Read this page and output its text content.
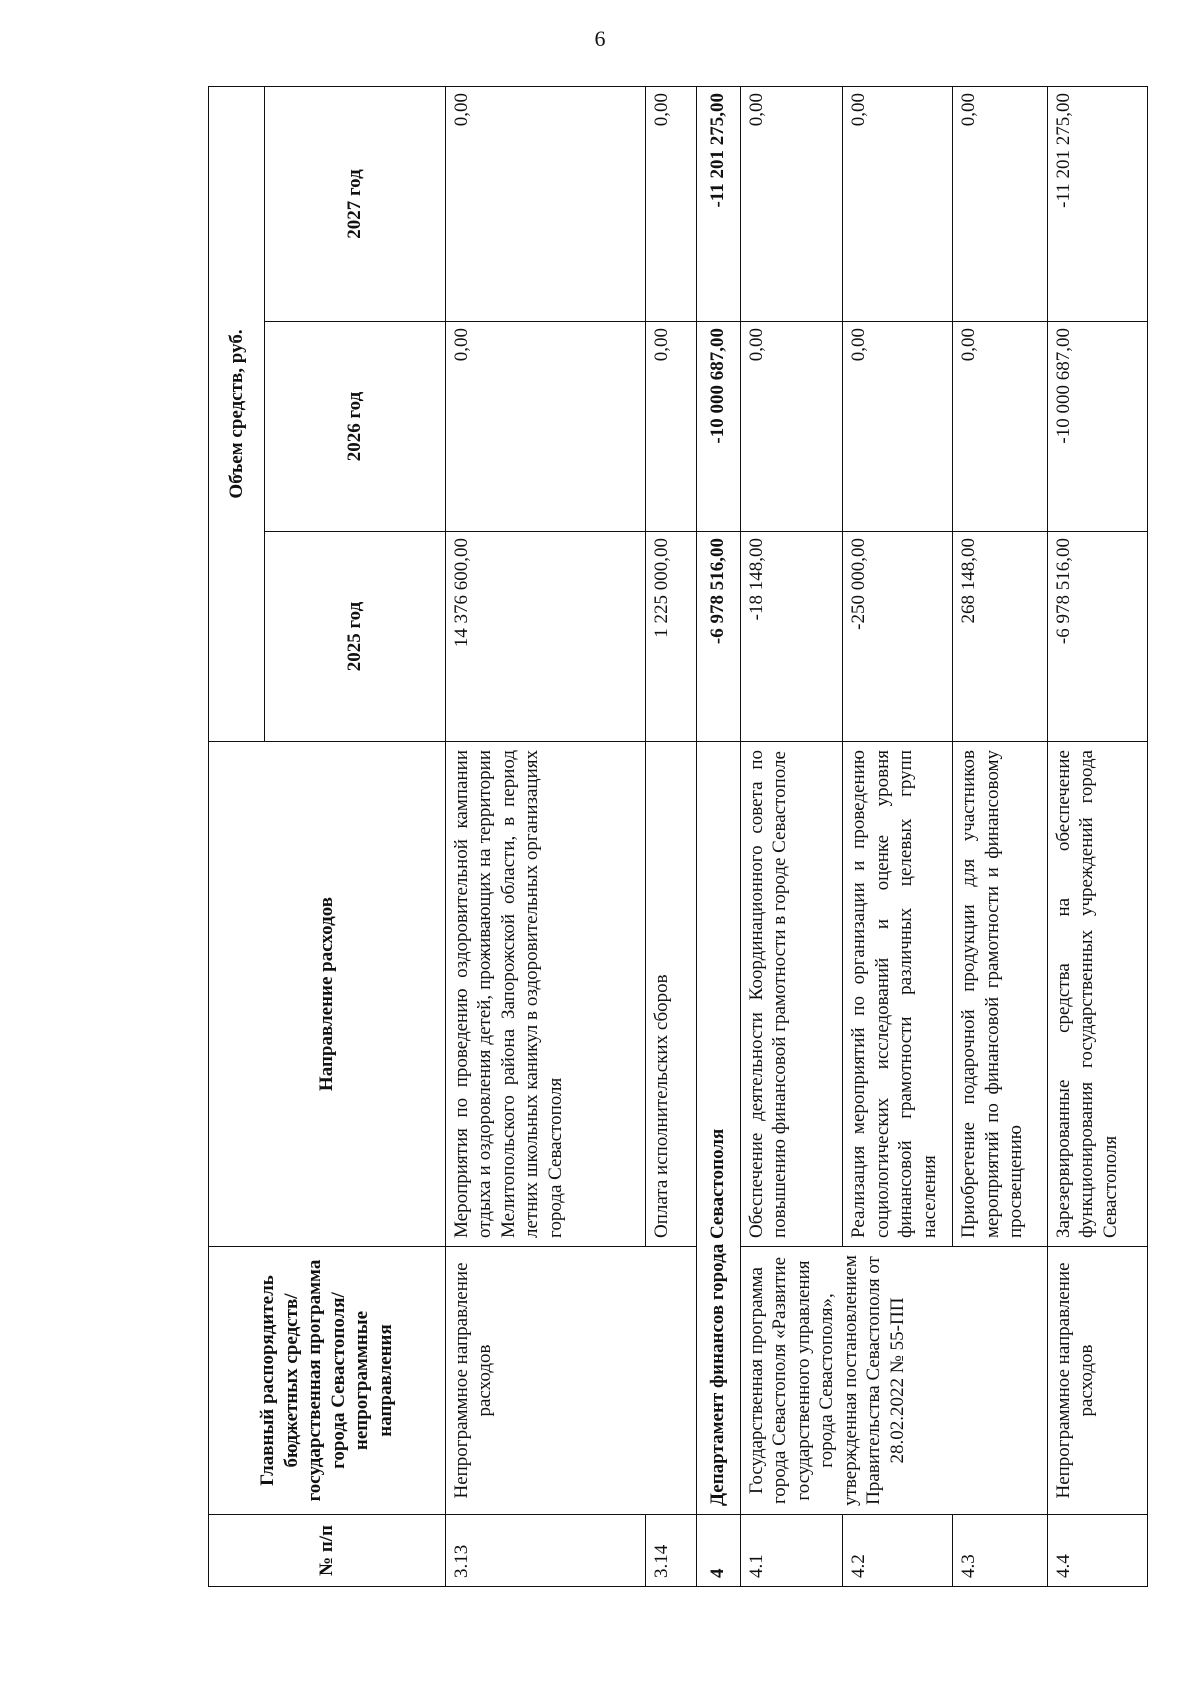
6
№ п/п	Главный распорядитель бюджетных средств/государственная программа города Севастополя/непрограммные направления	Направление расходов	Объем средств, руб.		
			2025 год	2026 год	2027 год
3.13	Непрограммное направление расходов	Мероприятия по проведению оздоровительной кампании отдыха и оздоровления детей, проживающих на территории Мелитопольского района Запорожской области, в период летних школьных каникул в оздоровительных организациях города Севастополя	14 376 600,00	0,00	0,00
3.14		Оплата исполнительских сборов	1 225 000,00	0,00	0,00
4	Департамент финансов города Севастополя		-6 978 516,00	-10 000 687,00	-11 201 275,00
4.1	Государственная программа города Севастополя «Развитие государственного управления города Севастополя», утвержденная постановлением Правительства Севастополя от 28.02.2022 № 55-ПП	Обеспечение деятельности Координационного совета по повышению финансовой грамотности в городе Севастополе	-18 148,00	0,00	0,00
4.2		Реализация мероприятий по организации и проведению социологических исследований и оценке уровня финансовой грамотности различных целевых групп населения	-250 000,00	0,00	0,00
4.3		Приобретение подарочной продукции для участников мероприятий по финансовой грамотности и финансовому просвещению	268 148,00	0,00	0,00
4.4	Непрограммное направление расходов	Зарезервированные средства на обеспечение функционирования государственных учреждений города Севастополя	-6 978 516,00	-10 000 687,00	-11 201 275,00
